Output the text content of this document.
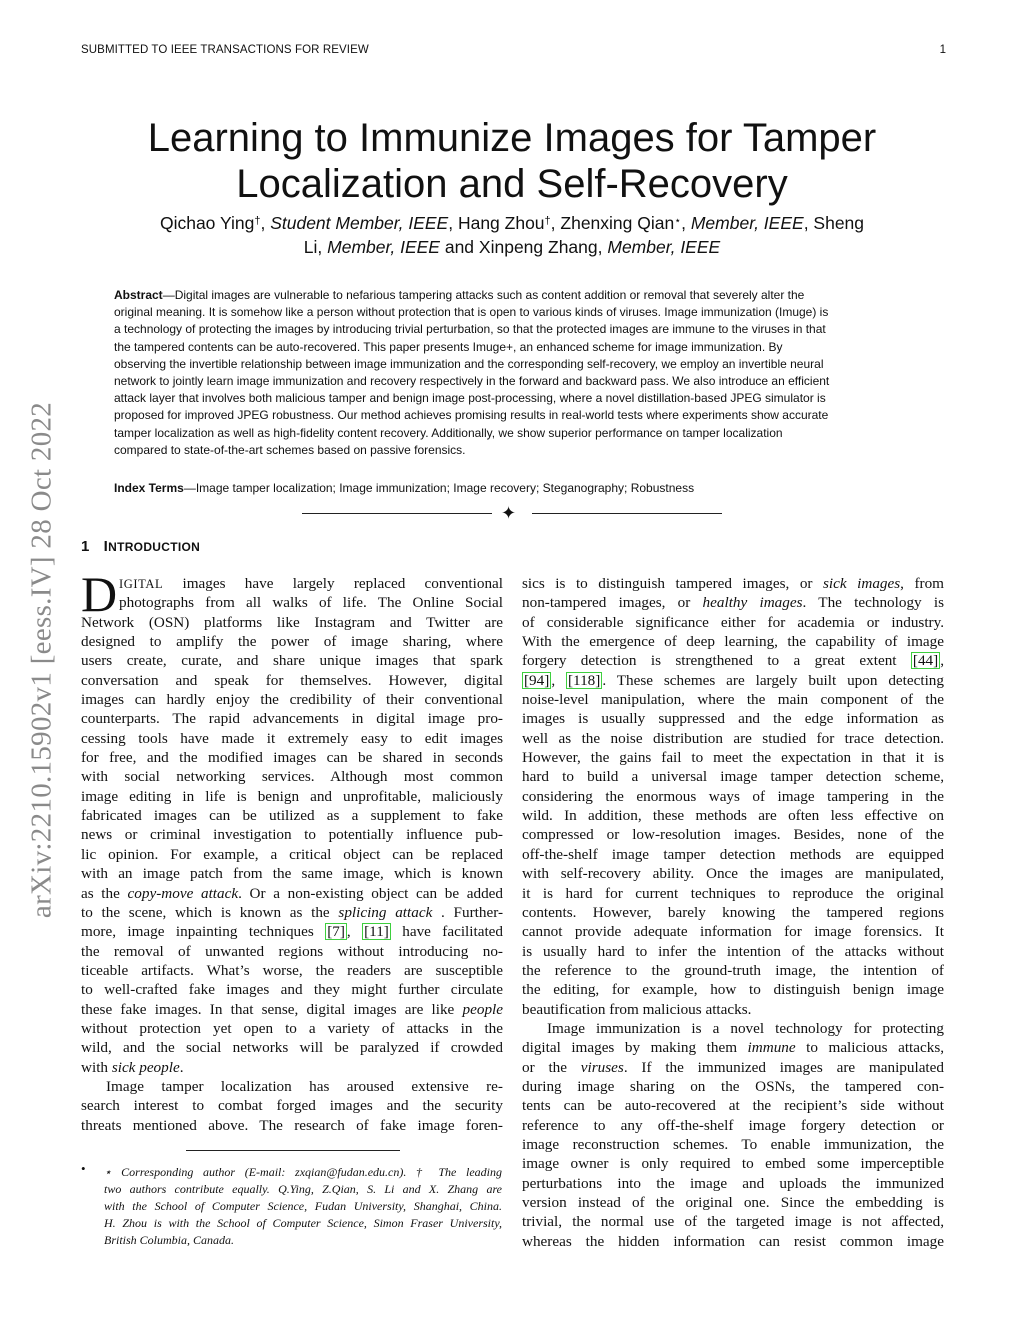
SUBMITTED TO IEEE TRANSACTIONS FOR REVIEW	1
arXiv:2210.15902v1 [eess.IV] 28 Oct 2022
Learning to Immunize Images for Tamper
Localization and Self-Recovery
Qichao Ying†, Student Member, IEEE, Hang Zhou†, Zhenxing Qian⋆, Member, IEEE, Sheng
Li, Member, IEEE and Xinpeng Zhang, Member, IEEE
Abstract—Digital images are vulnerable to nefarious tampering attacks such as content addition or removal that severely alter the
original meaning. It is somehow like a person without protection that is open to various kinds of viruses. Image immunization (Imuge) is
a technology of protecting the images by introducing trivial perturbation, so that the protected images are immune to the viruses in that
the tampered contents can be auto-recovered. This paper presents Imuge+, an enhanced scheme for image immunization. By
observing the invertible relationship between image immunization and the corresponding self-recovery, we employ an invertible neural
network to jointly learn image immunization and recovery respectively in the forward and backward pass. We also introduce an efficient
attack layer that involves both malicious tamper and benign image post-processing, where a novel distillation-based JPEG simulator is
proposed for improved JPEG robustness. Our method achieves promising results in real-world tests where experiments show accurate
tamper localization as well as high-fidelity content recovery. Additionally, we show superior performance on tamper localization
compared to state-of-the-art schemes based on passive forensics.
Index Terms—Image tamper localization; Image immunization; Image recovery; Steganography; Robustness
✦
1 INTRODUCTION
D IGITAL images have largely replaced conventional
photographs from all walks of life. The Online Social
Network (OSN) platforms like Instagram and Twitter are
designed to amplify the power of image sharing, where
users create, curate, and share unique images that spark
conversation and speak for themselves. However, digital
images can hardly enjoy the credibility of their conventional
counterparts. The rapid advancements in digital image pro-
cessing tools have made it extremely easy to edit images
for free, and the modified images can be shared in seconds
with social networking services. Although most common
image editing in life is benign and unprofitable, maliciously
fabricated images can be utilized as a supplement to fake
news or criminal investigation to potentially influence pub-
lic opinion. For example, a critical object can be replaced
with an image patch from the same image, which is known
as the copy-move attack. Or a non-existing object can be added
to the scene, which is known as the splicing attack . Further-
more, image inpainting techniques [7] , [11] have facilitated
the removal of unwanted regions without introducing no-
ticeable artifacts. What’s worse, the readers are susceptible
to well-crafted fake images and they might further circulate
these fake images. In that sense, digital images are like people
without protection yet open to a variety of attacks in the
wild, and the social networks will be paralyzed if crowded
with sick people.
Image tamper localization has aroused extensive re-
search interest to combat forged images and the security
threats mentioned above. The research of fake image foren-
• ⋆ Corresponding author (E-mail: zxqian@fudan.edu.cn). † The leading
two authors contribute equally. Q.Ying, Z.Qian, S. Li and X. Zhang are
with the School of Computer Science, Fudan University, Shanghai, China.
H. Zhou is with the School of Computer Science, Simon Fraser University,
British Columbia, Canada.
sics is to distinguish tampered images, or sick images, from
non-tampered images, or healthy images. The technology is
of considerable significance either for academia or industry.
With the emergence of deep learning, the capability of image
forgery detection is strengthened to a great extent [44] ,
[94] , [118] . These schemes are largely built upon detecting
noise-level manipulation, where the main component of the
images is usually suppressed and the edge information as
well as the noise distribution are studied for trace detection.
However, the gains fail to meet the expectation in that it is
hard to build a universal image tamper detection scheme,
considering the enormous ways of image tampering in the
wild. In addition, these methods are often less effective on
compressed or low-resolution images. Besides, none of the
off-the-shelf image tamper detection methods are equipped
with self-recovery ability. Once the images are manipulated,
it is hard for current techniques to reproduce the original
contents. However, barely knowing the tampered regions
cannot provide adequate information for image forensics. It
is usually hard to infer the intention of the attacks without
the reference to the ground-truth image, the intention of
the editing, for example, how to distinguish benign image
beautification from malicious attacks.
Image immunization is a novel technology for protecting
digital images by making them immune to malicious attacks,
or the viruses. If the immunized images are manipulated
during image sharing on the OSNs, the tampered con-
tents can be auto-recovered at the recipient’s side without
reference to any off-the-shelf image forgery detection or
image reconstruction schemes. To enable immunization, the
image owner is only required to embed some imperceptible
perturbations into the image and uploads the immunized
version instead of the original one. Since the embedding is
trivial, the normal use of the targeted image is not affected,
whereas the hidden information can resist common image
